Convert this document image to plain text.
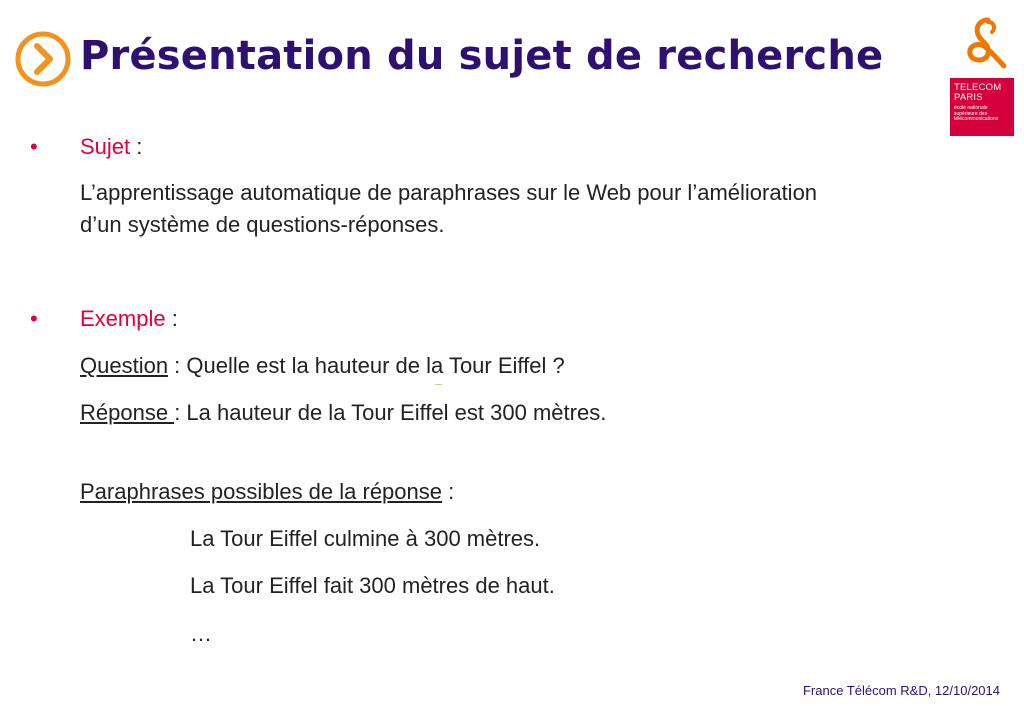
Présentation du sujet de recherche
TELECOM
PARIS
école nationale
supérieure des
télécommunications
• Sujet :
L’apprentissage automatique de paraphrases sur le Web pour l’amélioration
d’un système de questions-réponses.
• Exemple :
Question : Quelle est la hauteur de la Tour Eiffel ?
Réponse : La hauteur de la Tour Eiffel est 300 mètres.
Paraphrases possibles de la réponse :
La Tour Eiffel culmine à 300 mètres.
La Tour Eiffel fait 300 mètres de haut.
…
France Télécom R&D, 12/10/2014
